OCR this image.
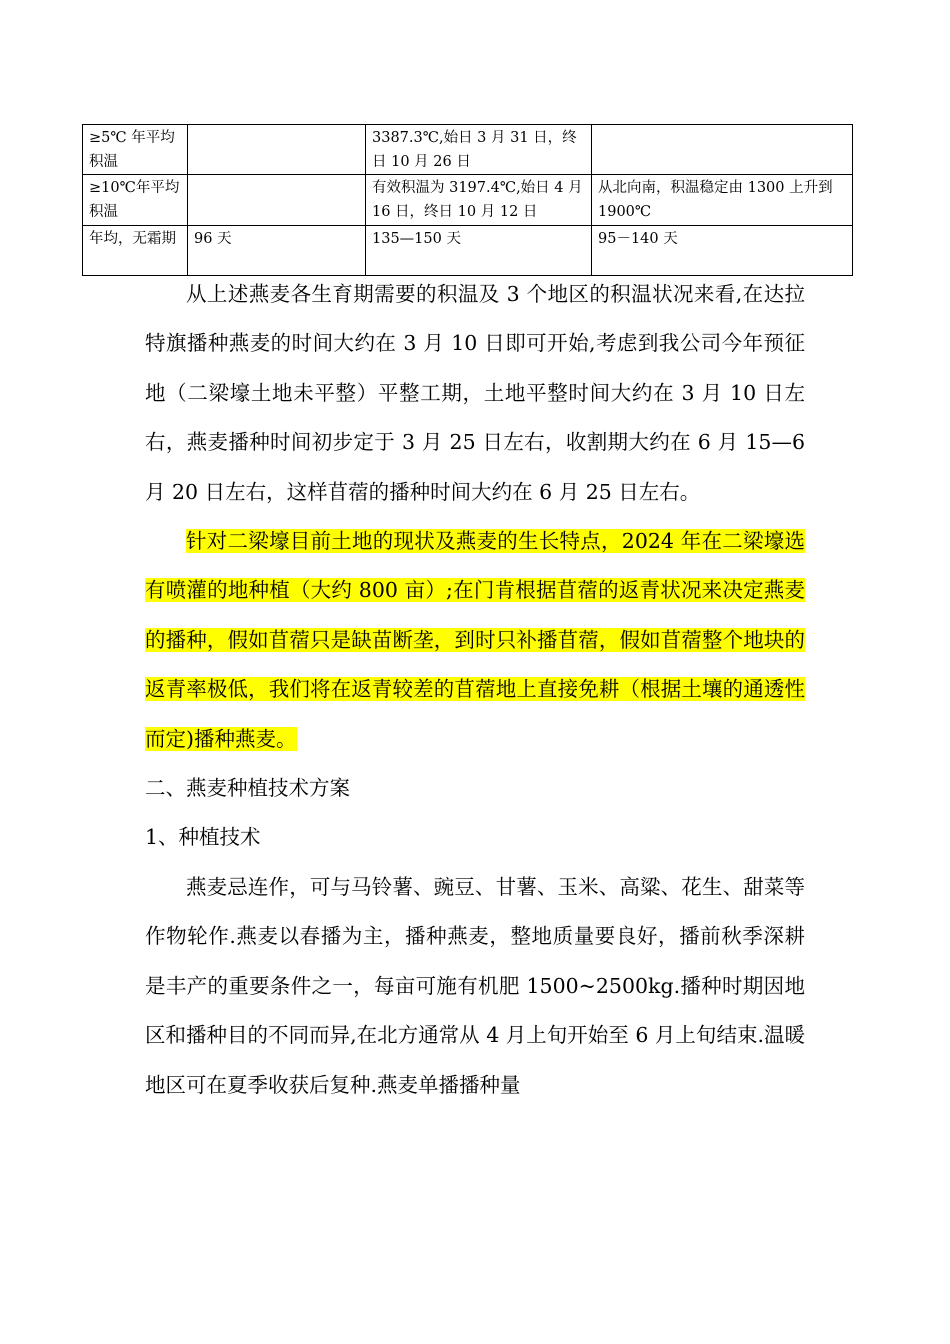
≥5℃ 年平均积温		3387.3℃,始日 3 月 31 日，终日 10 月 26 日	
≥10℃年平均积温		有效积温为 3197.4℃,始日 4 月 16 日，终日 10 月 12 日	从北向南，积温稳定由 1300 上升到 1900℃
年均，无霜期	96 天	135—150 天	95－140 天

从上述燕麦各生育期需要的积温及 3 个地区的积温状况来看,在达拉特旗播种燕麦的时间大约在 3 月 10 日即可开始,考虑到我公司今年预征地（二梁壕土地未平整）平整工期，土地平整时间大约在 3 月 10 日左右，燕麦播种时间初步定于 3 月 25 日左右，收割期大约在 6 月 15—6 月 20 日左右，这样苜蓿的播种时间大约在 6 月 25 日左右。

针对二梁壕目前土地的现状及燕麦的生长特点，2024 年在二梁壕选有喷灌的地种植（大约 800 亩）;在门肯根据苜蓿的返青状况来决定燕麦的播种，假如苜蓿只是缺苗断垄，到时只补播苜蓿，假如苜蓿整个地块的返青率极低，我们将在返青较差的苜蓿地上直接免耕（根据土壤的通透性而定)播种燕麦。

二、燕麦种植技术方案

1、种植技术

燕麦忌连作，可与马铃薯、豌豆、甘薯、玉米、高粱、花生、甜菜等作物轮作.燕麦以春播为主，播种燕麦，整地质量要良好，播前秋季深耕是丰产的重要条件之一，每亩可施有机肥 1500~2500kg.播种时期因地区和播种目的不同而异,在北方通常从 4 月上旬开始至 6 月上旬结束.温暖地区可在夏季收获后复种.燕麦单播播种量
